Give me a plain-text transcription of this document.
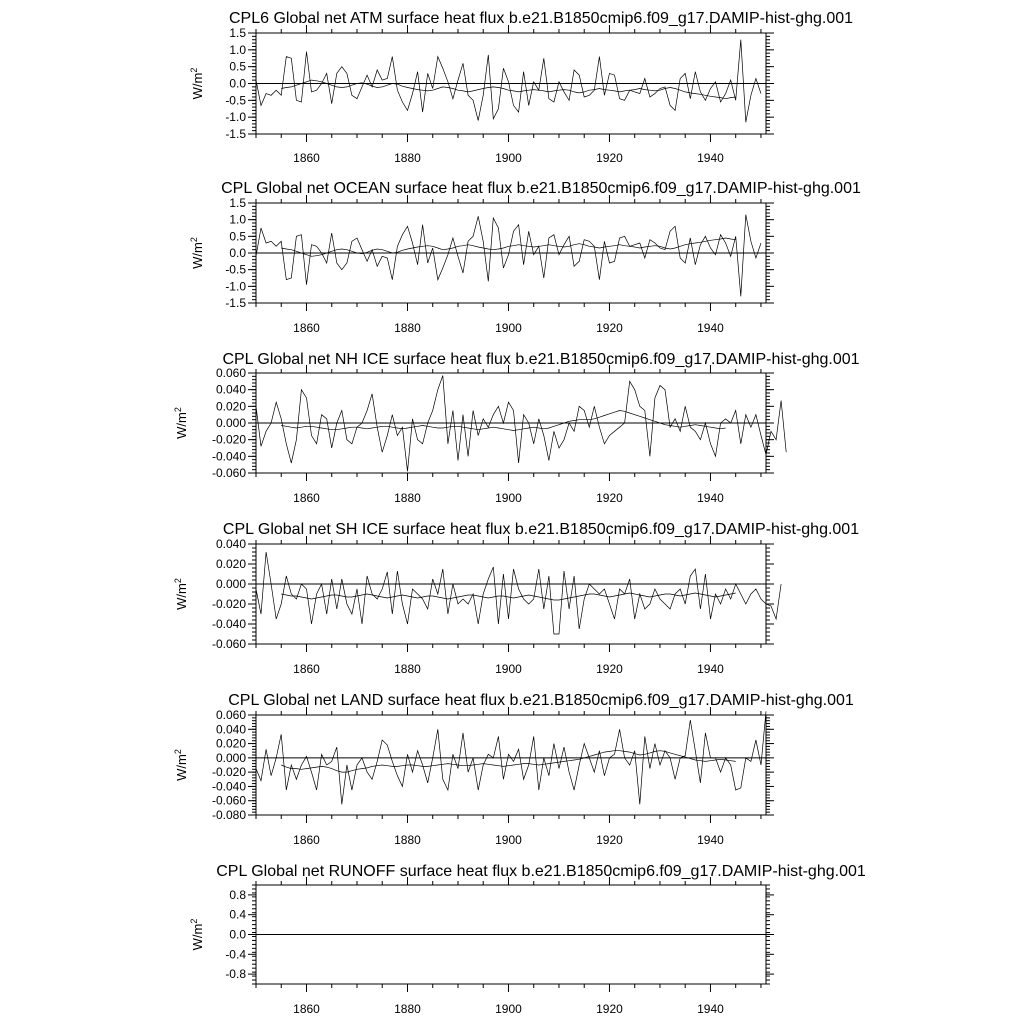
CPL6 Global net ATM surface heat flux b.e21.B1850cmip6.f09_g17.DAMIP-hist-ghg.001
-1.5
-1.0
-0.5
0.0
0.5
1.0
1.5
1860	1880	1900	1920	1940
$W/m^2$
CPL Global net OCEAN surface heat flux b.e21.B1850cmip6.f09_g17.DAMIP-hist-ghg.001
-1.5
-1.0
-0.5
0.0
0.5
1.0
1.5
1860	1880	1900	1920	1940
$W/m^2$
CPL Global net NH ICE surface heat flux b.e21.B1850cmip6.f09_g17.DAMIP-hist-ghg.001
-0.060
-0.040
-0.020
0.000
0.020
0.040
0.060
1860	1880	1900	1920	1940
$W/m^2$
CPL Global net SH ICE surface heat flux b.e21.B1850cmip6.f09_g17.DAMIP-hist-ghg.001
-0.060
-0.040
-0.020
0.000
0.020
0.040
1860	1880	1900	1920	1940
$W/m^2$
CPL Global net LAND surface heat flux b.e21.B1850cmip6.f09_g17.DAMIP-hist-ghg.001
-0.080
-0.060
-0.040
-0.020
0.000
0.020
0.040
0.060
1860	1880	1900	1920	1940
$W/m^2$
CPL Global net RUNOFF surface heat flux b.e21.B1850cmip6.f09_g17.DAMIP-hist-ghg.001
-0.8
-0.4
0.0
0.4
0.8
1860	1880	1900	1920	1940
$W/m^2$
